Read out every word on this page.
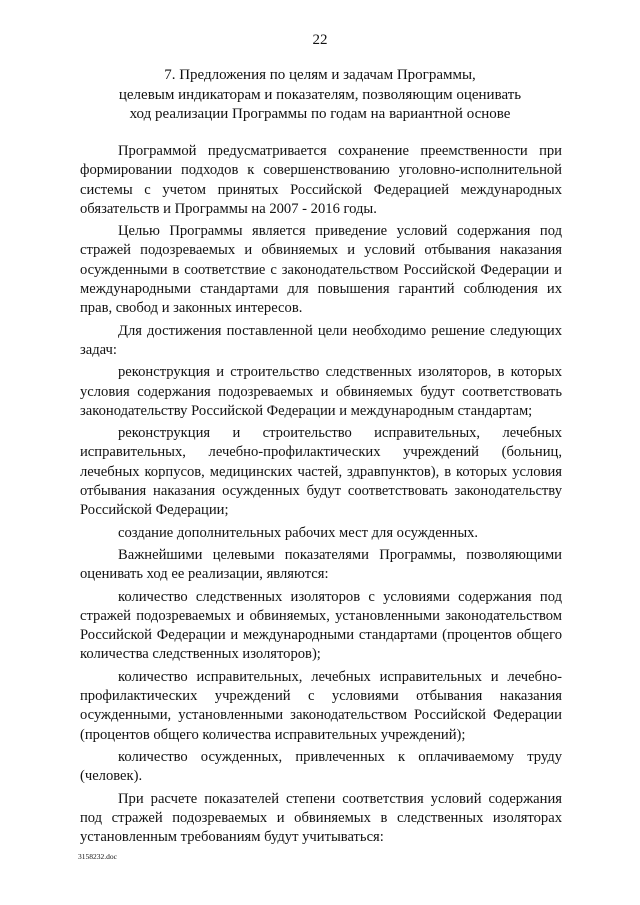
22
7. Предложения по целям и задачам Программы,
целевым индикаторам и показателям, позволяющим оценивать
ход реализации Программы по годам на вариантной основе

Программой предусматривается сохранение преемственности при формировании подходов к совершенствованию уголовно-исполнительной системы с учетом принятых Российской Федерацией международных обязательств и Программы на 2007 - 2016 годы.

Целью Программы является приведение условий содержания под стражей подозреваемых и обвиняемых и условий отбывания наказания осужденными в соответствие с законодательством Российской Федерации и международными стандартами для повышения гарантий соблюдения их прав, свобод и законных интересов.

Для достижения поставленной цели необходимо решение следующих задач:

реконструкция и строительство следственных изоляторов, в которых условия содержания подозреваемых и обвиняемых будут соответствовать законодательству Российской Федерации и международным стандартам;

реконструкция и строительство исправительных, лечебных исправительных, лечебно-профилактических учреждений (больниц, лечебных корпусов, медицинских частей, здравпунктов), в которых условия отбывания наказания осужденных будут соответствовать законодательству Российской Федерации;

создание дополнительных рабочих мест для осужденных.

Важнейшими целевыми показателями Программы, позволяющими оценивать ход ее реализации, являются:

количество следственных изоляторов с условиями содержания под стражей подозреваемых и обвиняемых, установленными законодательством Российской Федерации и международными стандартами (процентов общего количества следственных изоляторов);

количество исправительных, лечебных исправительных и лечебно-профилактических учреждений с условиями отбывания наказания осужденными, установленными законодательством Российской Федерации (процентов общего количества исправительных учреждений);

количество осужденных, привлеченных к оплачиваемому труду (человек).

При расчете показателей степени соответствия условий содержания под стражей подозреваемых и обвиняемых в следственных изоляторах установленным требованиям будут учитываться:

3158232.doc
